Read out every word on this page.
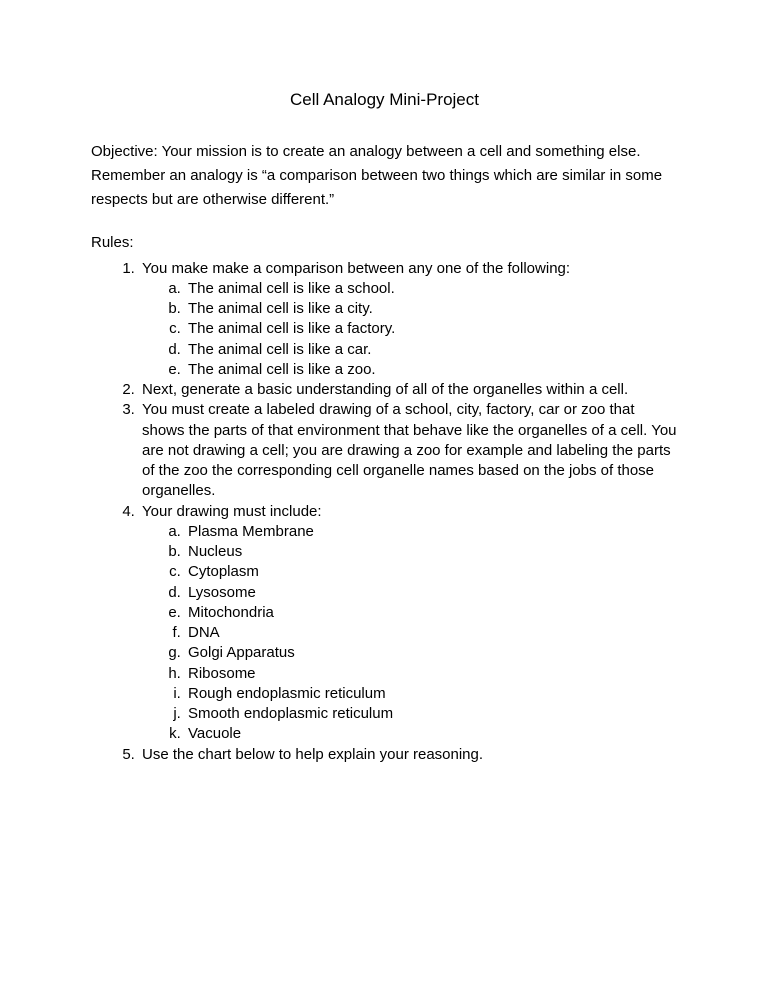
Cell Analogy Mini-Project

Objective: Your mission is to create an analogy between a cell and something else. Remember an analogy is “a comparison between two things which are similar in some respects but are otherwise different.”

Rules:

1. You make make a comparison between any one of the following:
a. The animal cell is like a school.
b. The animal cell is like a city.
c. The animal cell is like a factory.
d. The animal cell is like a car.
e. The animal cell is like a zoo.
2. Next, generate a basic understanding of all of the organelles within a cell.
3. You must create a labeled drawing of a school, city, factory, car or zoo that shows the parts of that environment that behave like the organelles of a cell. You are not drawing a cell; you are drawing a zoo for example and labeling the parts of the zoo the corresponding cell organelle names based on the jobs of those organelles.
4. Your drawing must include:
a. Plasma Membrane
b. Nucleus
c. Cytoplasm
d. Lysosome
e. Mitochondria
f. DNA
g. Golgi Apparatus
h. Ribosome
i. Rough endoplasmic reticulum
j. Smooth endoplasmic reticulum
k. Vacuole
5. Use the chart below to help explain your reasoning.
